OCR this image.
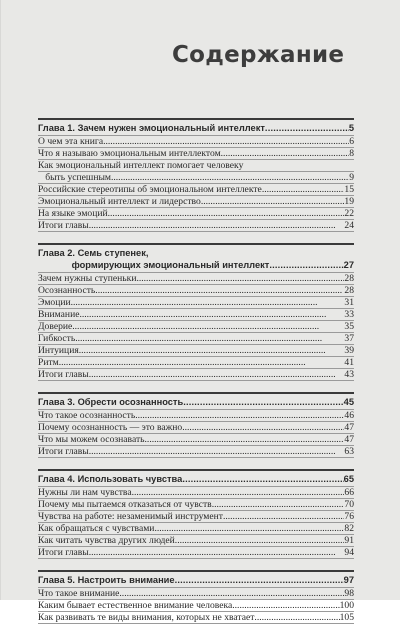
Содержание
Глава 1. Зачем нужен эмоциональный интеллект . . .	5
О чем эта книга . . .	6
Что я называю эмоциональным интеллектом . . .	8
Как эмоциональный интеллект помогает человеку
быть успешным . . .	9
Российские стереотипы об эмоциональном интеллекте . . .	15
Эмоциональный интеллект и лидерство . . .	19
На языке эмоций . . .	22
Итоги главы . . .	24
Глава 2. Семь ступенек,
формирующих эмоциональный интеллект . . .	27
Зачем нужны ступеньки . . .	28
Осознанность . . .	28
Эмоции . . .	31
Внимание . . .	33
Доверие . . .	35
Гибкость . . .	37
Интуиция . . .	39
Ритм . . .	41
Итоги главы . . .	43
Глава 3. Обрести осознанность . . .	45
Что такое осознанность . . .	46
Почему осознанность — это важно . . .	47
Что мы можем осознавать . . .	47
Итоги главы . . .	63
Глава 4. Использовать чувства . . .	65
Нужны ли нам чувства . . .	66
Почему мы пытаемся отказаться от чувств . . .	70
Чувства на работе: незаменимый инструмент . . .	76
Как обращаться с чувствами . . .	82
Как читать чувства других людей . . .	91
Итоги главы . . .	94
Глава 5. Настроить внимание . . .	97
Что такое внимание . . .	98
Каким бывает естественное внимание человека . . .	100
Как развивать те виды внимания, которых не хватает . . .	105
